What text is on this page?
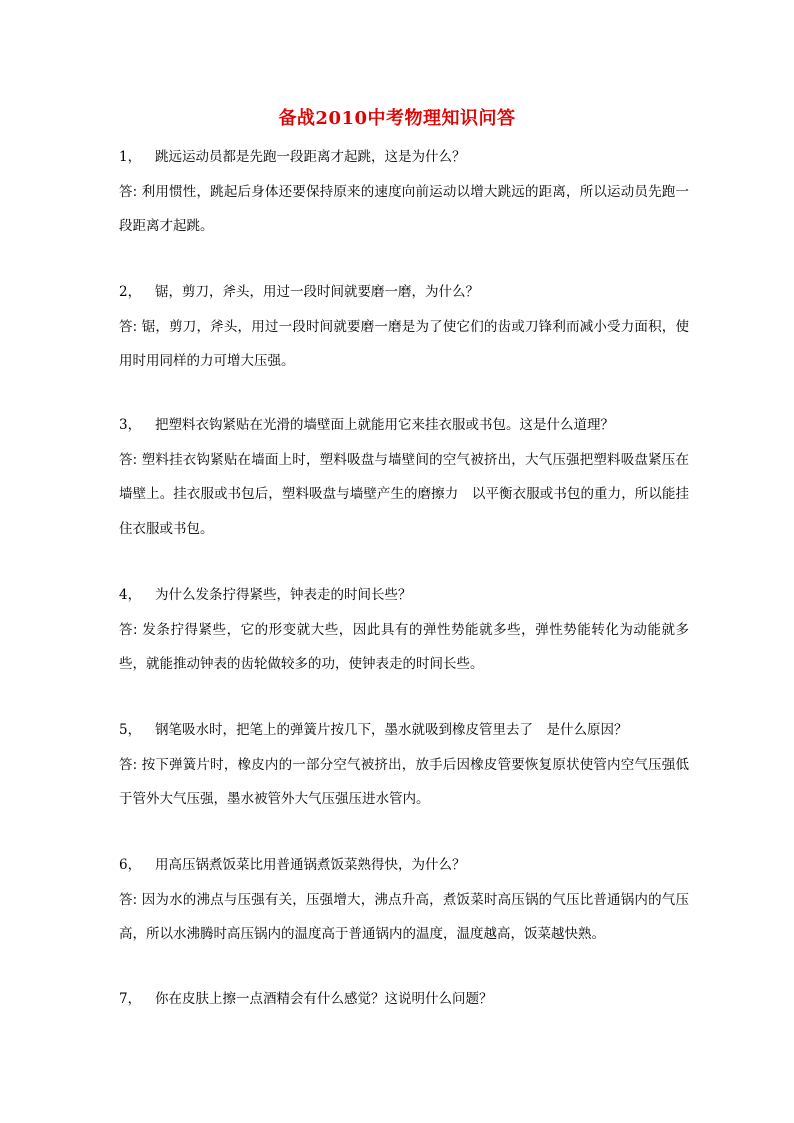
备战2010中考物理知识问答
1， 跳远运动员都是先跑一段距离才起跳，这是为什么？
答: 利用惯性，跳起后身体还要保持原来的速度向前运动以增大跳远的距离，所以运动员先跑一段距离才起跳。
2， 锯，剪刀，斧头，用过一段时间就要磨一磨，为什么？
答: 锯，剪刀，斧头，用过一段时间就要磨一磨是为了使它们的齿或刀锋利而减小受力面积，使用时用同样的力可增大压强。
3， 把塑料衣钩紧贴在光滑的墙壁面上就能用它来挂衣服或书包。这是什么道理？
答: 塑料挂衣钩紧贴在墙面上时，塑料吸盘与墙壁间的空气被挤出，大气压强把塑料吸盘紧压在墙壁上。挂衣服或书包后，塑料吸盘与墙壁产生的磨擦力　以平衡衣服或书包的重力，所以能挂住衣服或书包。
4， 为什么发条拧得紧些，钟表走的时间长些？
答: 发条拧得紧些，它的形变就大些，因此具有的弹性势能就多些，弹性势能转化为动能就多些，就能推动钟表的齿轮做较多的功，使钟表走的时间长些。
5， 钢笔吸水时，把笔上的弹簧片按几下，墨水就吸到橡皮管里去了　是什么原因？
答: 按下弹簧片时，橡皮内的一部分空气被挤出，放手后因橡皮管要恢复原状使管内空气压强低于管外大气压强，墨水被管外大气压强压进水管内。
6， 用高压锅煮饭菜比用普通锅煮饭菜熟得快，为什么？
答: 因为水的沸点与压强有关，压强增大，沸点升高，煮饭菜时高压锅的气压比普通锅内的气压高，所以水沸腾时高压锅内的温度高于普通锅内的温度，温度越高，饭菜越快熟。
7， 你在皮肤上擦一点酒精会有什么感觉？这说明什么问题？
